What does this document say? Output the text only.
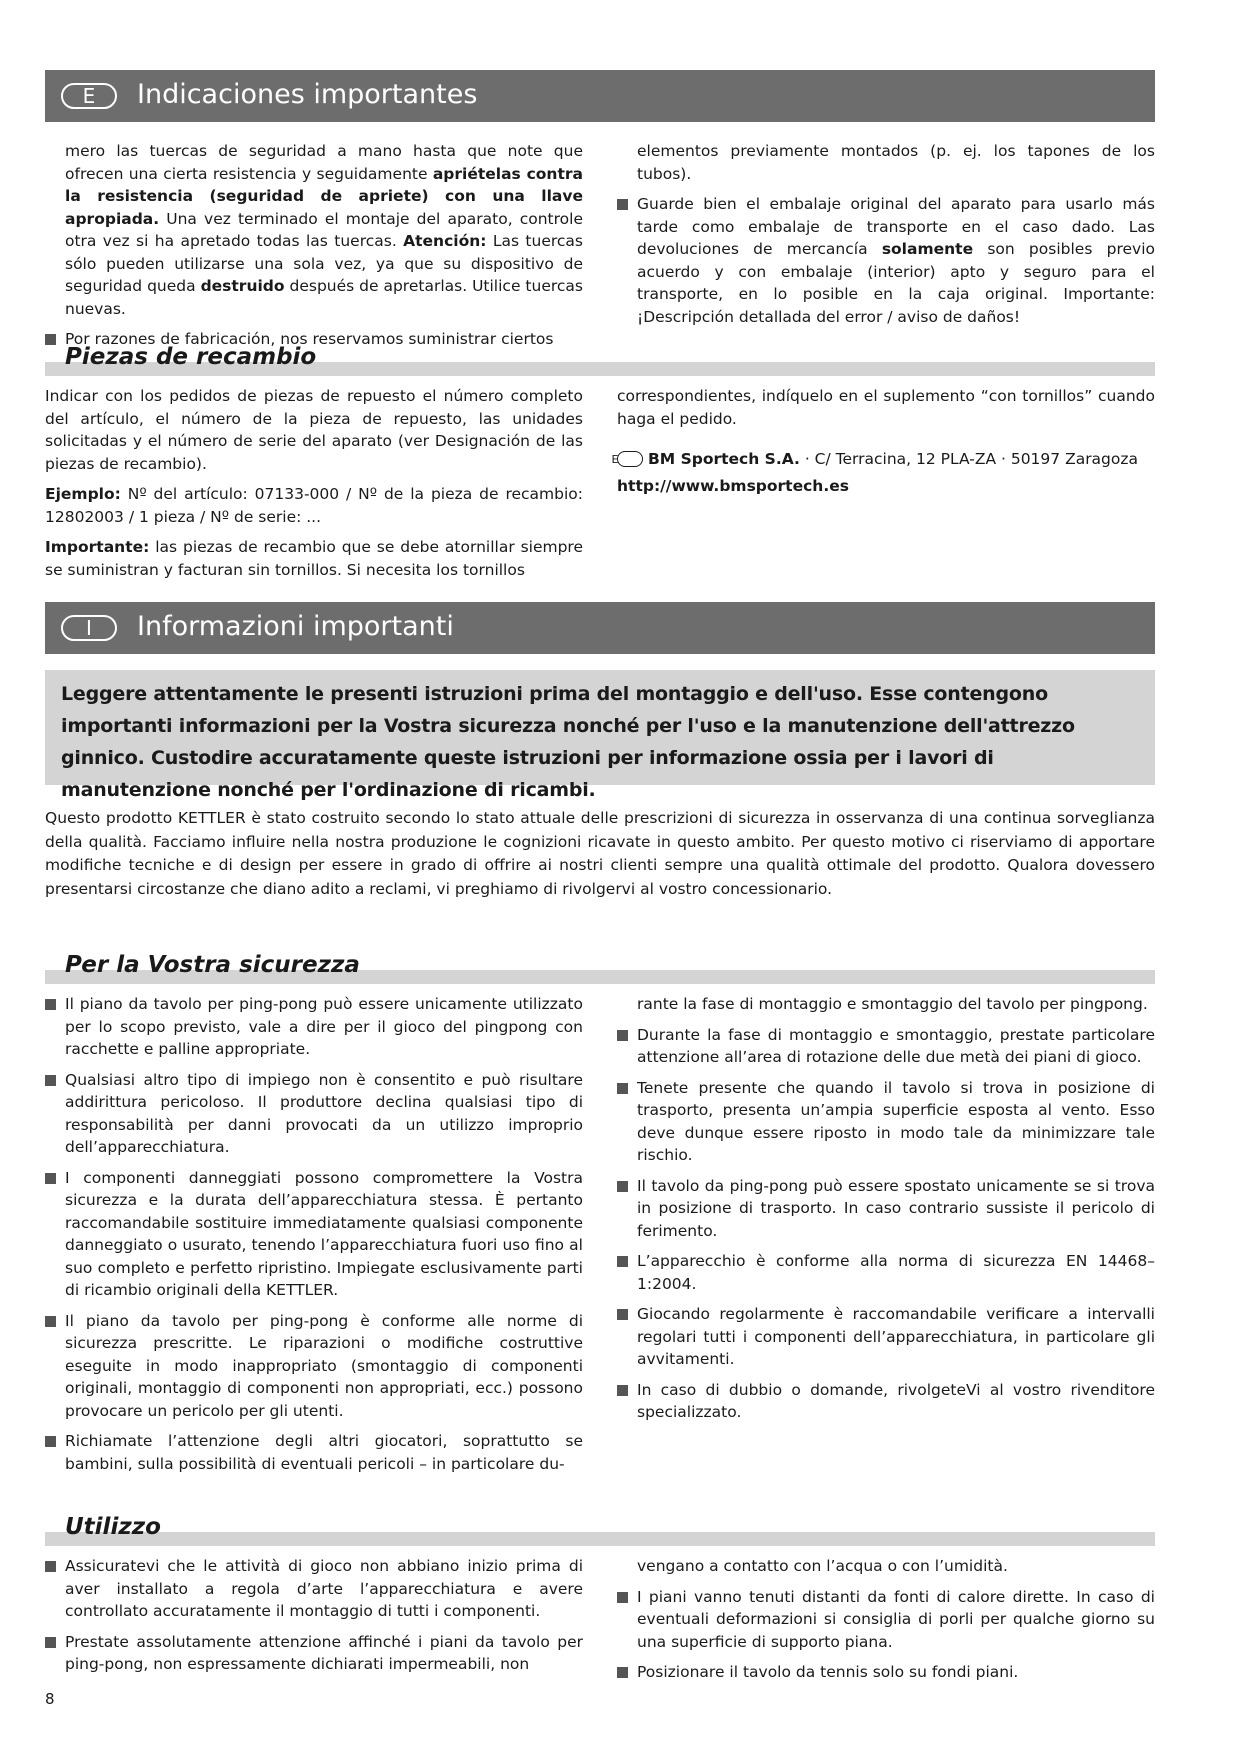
E	Indicaciones importantes

mero las tuercas de seguridad a mano hasta que note que ofrecen una cierta resistencia y seguidamente apriételas contra la resistencia (seguridad de apriete) con una llave apropiada. Una vez terminado el montaje del aparato, controle otra vez si ha apretado todas las tuercas. Atención: Las tuercas sólo pueden utilizarse una sola vez, ya que su dispositivo de seguridad queda destruido después de apretarlas. Utilice tuercas nuevas.

Por razones de fabricación, nos reservamos suministrar ciertos

elementos previamente montados (p. ej. los tapones de los tubos).

Guarde bien el embalaje original del aparato para usarlo más tarde como embalaje de transporte en el caso dado. Las devoluciones de mercancía solamente son posibles previo acuerdo y con embalaje (interior) apto y seguro para el transporte, en lo posible en la caja original. Importante: ¡Descripción detallada del error / aviso de daños!
Piezas de recambio

Indicar con los pedidos de piezas de repuesto el número completo del artículo, el número de la pieza de repuesto, las unidades solicitadas y el número de serie del aparato (ver Designación de las piezas de recambio).

Ejemplo: Nº del artículo: 07133-000 / Nº de la pieza de recambio: 12802003 / 1 pieza / Nº de serie: ...

Importante: las piezas de recambio que se debe atornillar siempre se suministran y facturan sin tornillos. Si necesita los tornillos

correspondientes, indíquelo en el suplemento “con tornillos” cuando haga el pedido.

E BM Sportech S.A. · C/ Terracina, 12 PLA-ZA · 50197 Zaragoza

http://www.bmsportech.es

I	Informazioni importanti
Leggere attentamente le presenti istruzioni prima del montaggio e dell'uso. Esse contengono importanti informazioni per la Vostra sicurezza nonché per l'uso e la manutenzione dell'attrezzo ginnico. Custodire accuratamente queste istruzioni per informazione ossia per i lavori di manutenzione nonché per l'ordinazione di ricambi.
Questo prodotto KETTLER è stato costruito secondo lo stato attuale delle prescrizioni di sicurezza in osservanza di una continua sorveglianza della qualità. Facciamo influire nella nostra produzione le cognizioni ricavate in questo ambito. Per questo motivo ci riserviamo di apportare modifiche tecniche e di design per essere in grado di offrire ai nostri clienti sempre una qualità ottimale del prodotto. Qualora dovessero presentarsi circostanze che diano adito a reclami, vi preghiamo di rivolgervi al vostro concessionario.
Per la Vostra sicurezza
Il piano da tavolo per ping-pong può essere unicamente utilizzato per lo scopo previsto, vale a dire per il gioco del pingpong con racchette e palline appropriate.
Qualsiasi altro tipo di impiego non è consentito e può risultare addirittura pericoloso. Il produttore declina qualsiasi tipo di responsabilità per danni provocati da un utilizzo improprio dell’apparecchiatura.
I componenti danneggiati possono compromettere la Vostra sicurezza e la durata dell’apparecchiatura stessa. È pertanto raccomandabile sostituire immediatamente qualsiasi componente danneggiato o usurato, tenendo l’apparecchiatura fuori uso fino al suo completo e perfetto ripristino. Impiegate esclusivamente parti di ricambio originali della KETTLER.
Il piano da tavolo per ping-pong è conforme alle norme di sicurezza prescritte. Le riparazioni o modifiche costruttive eseguite in modo inappropriato (smontaggio di componenti originali, montaggio di componenti non appropriati, ecc.) possono provocare un pericolo per gli utenti.
Richiamate l’attenzione degli altri giocatori, soprattutto se bambini, sulla possibilità di eventuali pericoli – in particolare du-

rante la fase di montaggio e smontaggio del tavolo per pingpong.

Durante la fase di montaggio e smontaggio, prestate particolare attenzione all’area di rotazione delle due metà dei piani di gioco.
Tenete presente che quando il tavolo si trova in posizione di trasporto, presenta un’ampia superficie esposta al vento. Esso deve dunque essere riposto in modo tale da minimizzare tale rischio.
Il tavolo da ping-pong può essere spostato unicamente se si trova in posizione di trasporto. In caso contrario sussiste il pericolo di ferimento.
L’apparecchio è conforme alla norma di sicurezza EN 14468–1:2004.
Giocando regolarmente è raccomandabile verificare a intervalli regolari tutti i componenti dell’apparecchiatura, in particolare gli avvitamenti.
In caso di dubbio o domande, rivolgeteVi al vostro rivenditore specializzato.
Utilizzo
Assicuratevi che le attività di gioco non abbiano inizio prima di aver installato a regola d’arte l’apparecchiatura e avere controllato accuratamente il montaggio di tutti i componenti.
Prestate assolutamente attenzione affinché i piani da tavolo per ping-pong, non espressamente dichiarati impermeabili, non

vengano a contatto con l’acqua o con l’umidità.

I piani vanno tenuti distanti da fonti di calore dirette. In caso di eventuali deformazioni si consiglia di porli per qualche giorno su una superficie di supporto piana.
Posizionare il tavolo da tennis solo su fondi piani.
8
